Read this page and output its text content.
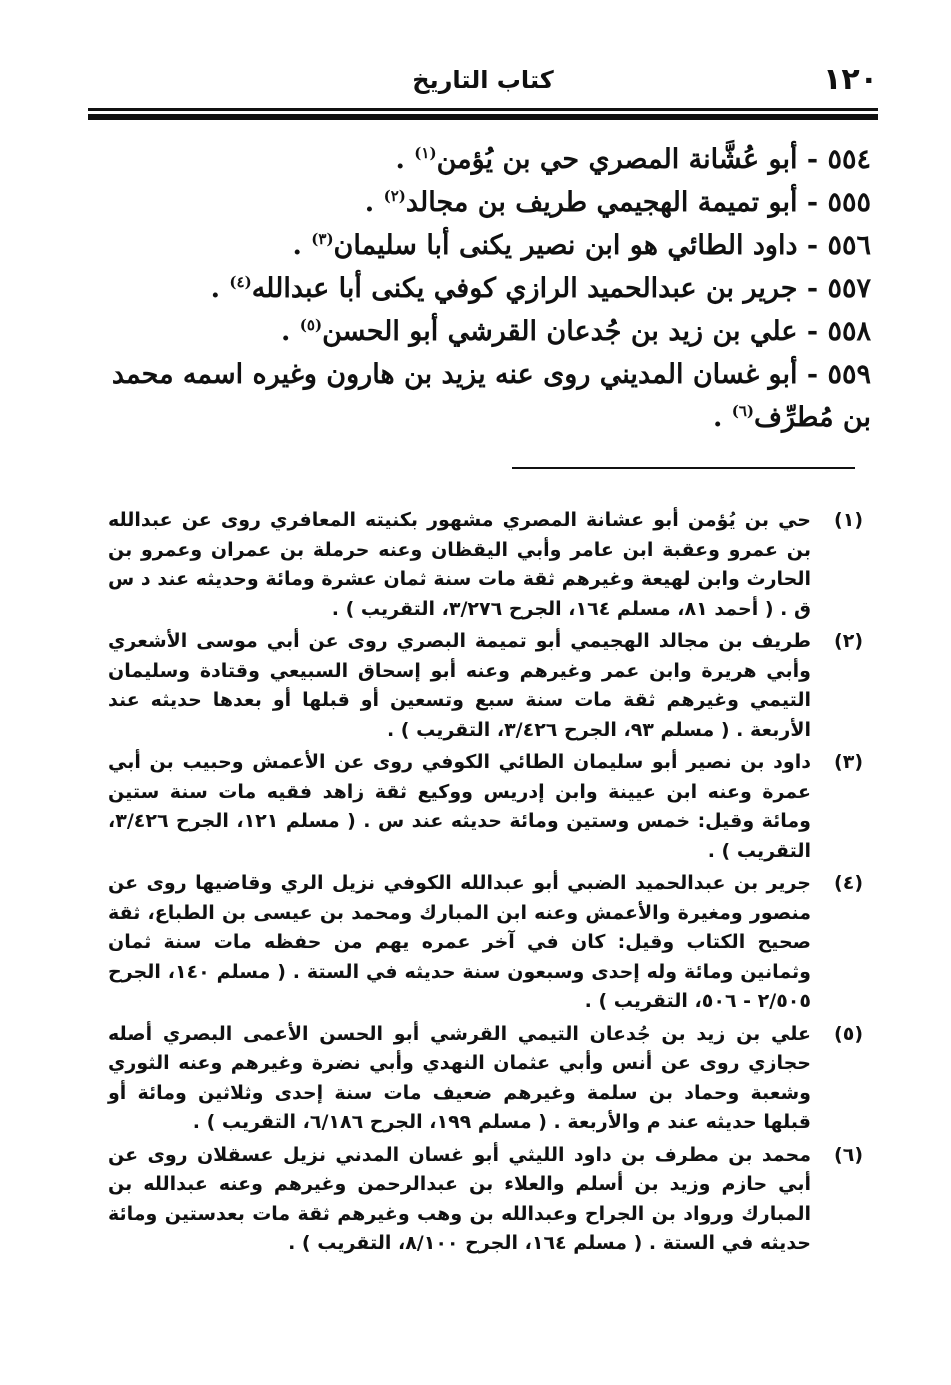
١٢٠
كتاب التاريخ
٥٥٤ - أبو عُشَّانة المصري حي بن يُؤمن$^{(١)}$ .
٥٥٥ - أبو تميمة الهجيمي طريف بن مجالد$^{(٢)}$ .
٥٥٦ - داود الطائي هو ابن نصير يكنى أبا سليمان$^{(٣)}$ .
٥٥٧ - جرير بن عبدالحميد الرازي كوفي يكنى أبا عبدالله$^{(٤)}$ .
٥٥٨ - علي بن زيد بن جُدعان القرشي أبو الحسن$^{(٥)}$ .
٥٥٩ - أبو غسان المديني روى عنه يزيد بن هارون وغيره اسمه محمد بن مُطرِّف$^{(٦)}$ .
(١)
حي بن يُؤمن أبو عشانة المصري مشهور بكنيته المعافري روى عن عبدالله بن عمرو وعقبة ابن عامر وأبي اليقظان وعنه حرملة بن عمران وعمرو بن الحارث وابن لهيعة وغيرهم ثقة مات سنة ثمان عشرة ومائة وحديثه عند د س ق . ( أحمد ٨١، مسلم ١٦٤، الجرح ٣/٢٧٦، التقريب ) .
(٢)
طريف بن مجالد الهجيمي أبو تميمة البصري روى عن أبي موسى الأشعري وأبي هريرة وابن عمر وغيرهم وعنه أبو إسحاق السبيعي وقتادة وسليمان التيمي وغيرهم ثقة مات سنة سبع وتسعين أو قبلها أو بعدها حديثه عند الأربعة . ( مسلم ٩٣، الجرح ٣/٤٢٦، التقريب ) .
(٣)
داود بن نصير أبو سليمان الطائي الكوفي روى عن الأعمش وحبيب بن أبي عمرة وعنه ابن عيينة وابن إدريس ووكيع ثقة زاهد فقيه مات سنة ستين ومائة وقيل: خمس وستين ومائة حديثه عند س . ( مسلم ١٢١، الجرح ٣/٤٢٦، التقريب ) .
(٤)
جرير بن عبدالحميد الضبي أبو عبدالله الكوفي نزيل الري وقاضيها روى عن منصور ومغيرة والأعمش وعنه ابن المبارك ومحمد بن عيسى بن الطباع، ثقة صحيح الكتاب وقيل: كان في آخر عمره يهم من حفظه مات سنة ثمان وثمانين ومائة وله إحدى وسبعون سنة حديثه في الستة . ( مسلم ١٤٠، الجرح ٢/٥٠٥ - ٥٠٦، التقريب ) .
(٥)
علي بن زيد بن جُدعان التيمي القرشي أبو الحسن الأعمى البصري أصله حجازي روى عن أنس وأبي عثمان النهدي وأبي نضرة وغيرهم وعنه الثوري وشعبة وحماد بن سلمة وغيرهم ضعيف مات سنة إحدى وثلاثين ومائة أو قبلها حديثه عند م والأربعة . ( مسلم ١٩٩، الجرح ٦/١٨٦، التقريب ) .
(٦)
محمد بن مطرف بن داود الليثي أبو غسان المدني نزيل عسقلان روى عن أبي حازم وزيد بن أسلم والعلاء بن عبدالرحمن وغيرهم وعنه عبدالله بن المبارك ورواد بن الجراح وعبدالله بن وهب وغيرهم ثقة مات بعدستين ومائة حديثه في الستة . ( مسلم ١٦٤، الجرح ٨/١٠٠، التقريب ) .
